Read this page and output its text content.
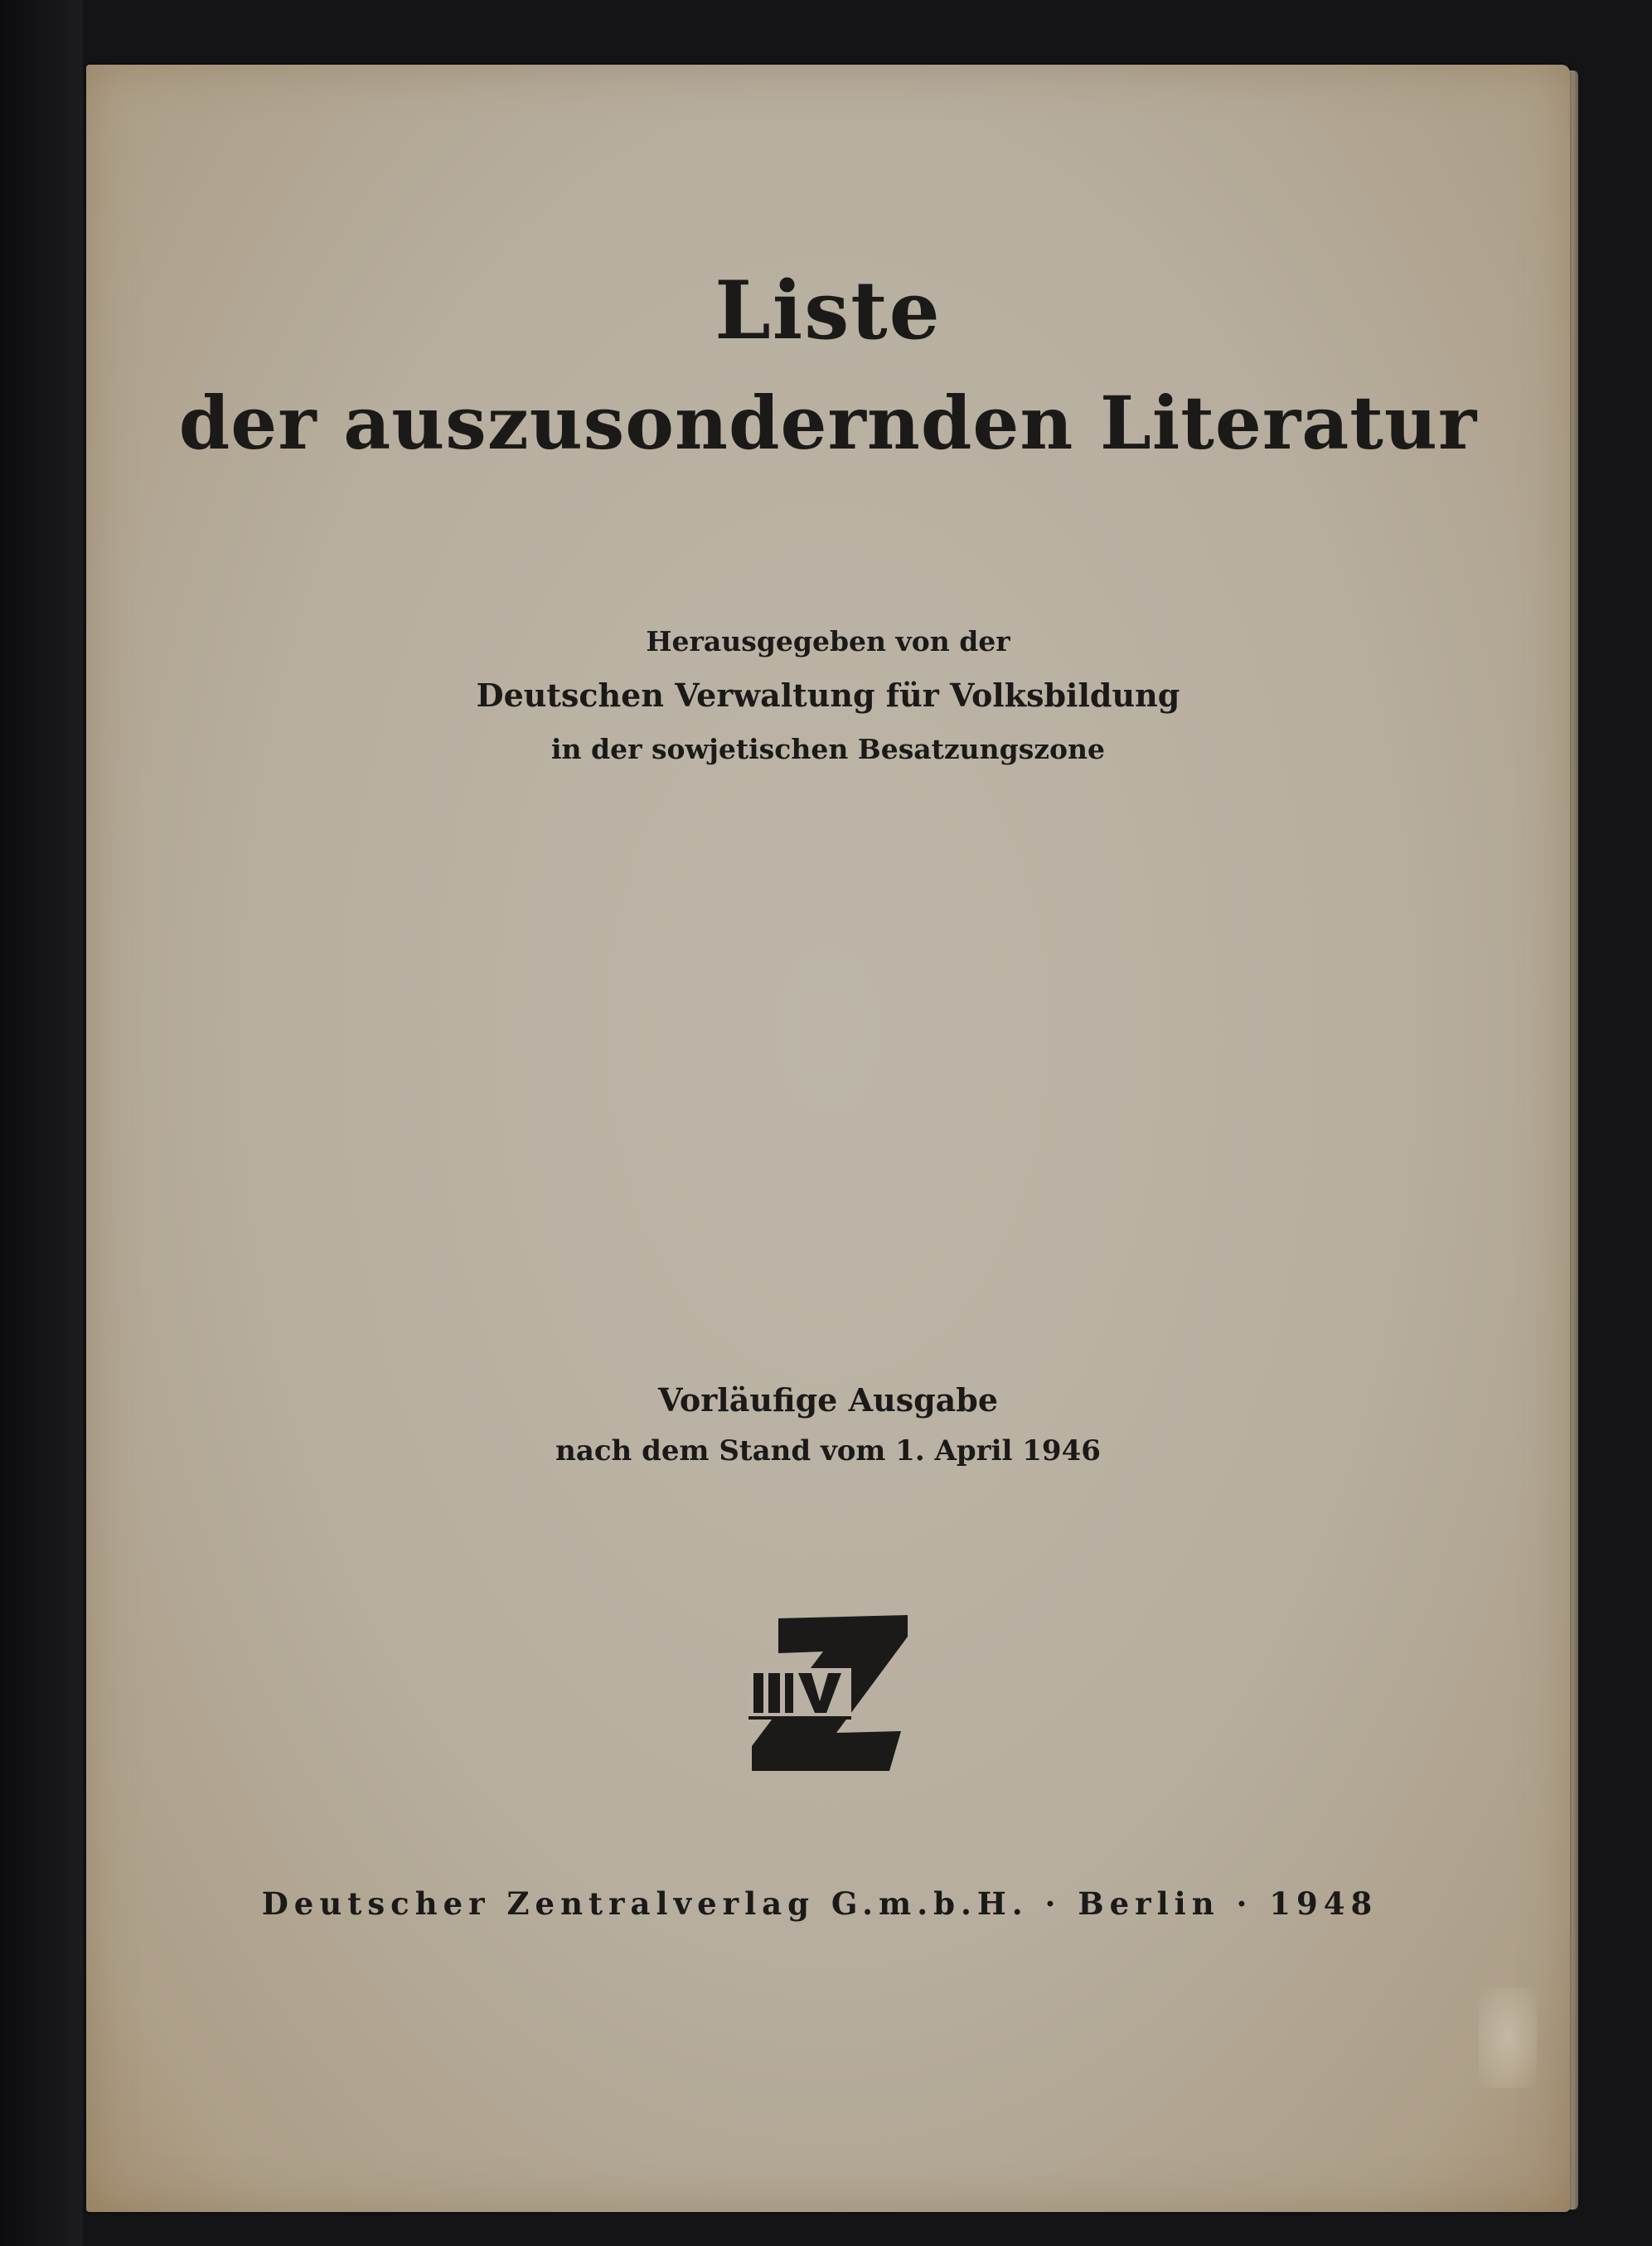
Liste
der auszusondernden Literatur
Herausgegeben von der
Deutschen Verwaltung für Volksbildung
in der sowjetischen Besatzungszone
Vorläufige Ausgabe
nach dem Stand vom 1. April 1946
Deutscher Zentralverlag G.m.b.H. · Berlin · 1948
